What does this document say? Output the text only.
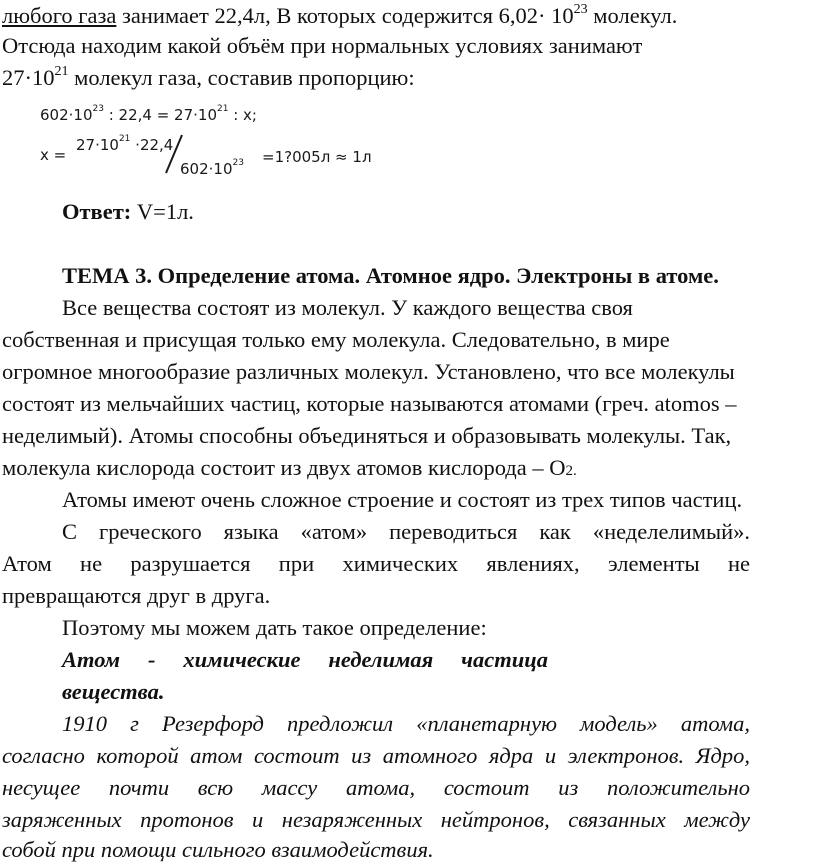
любого газа занимает 22,4л, В которых содержится $6,02\cdot 10^{23}$ молекул.
Отсюда находим какой объём при нормальных условиях занимают
$27\cdot 10^{21}$ молекул газа, составив пропорцию:
$602\cdot 10^{23}$ : $22,4 = 27\cdot 10^{21}$ : x;
x =
$27\cdot 10^{21} \cdot 22,4$
$602\cdot 10^{23}$ =1?005л ≈ 1л
Ответ: V=1л.
ТЕМА 3. Определение атома. Атомное ядро. Электроны в атоме.
Все вещества состоят из молекул. У каждого вещества своя
собственная и присущая только ему молекула. Следовательно, в мире
огромное многообразие различных молекул. Установлено, что все молекулы
состоят из мельчайших частиц, которые называются атомами (греч. atomos –
неделимый). Атомы способны объединяться и образовывать молекулы. Так,
молекула кислорода состоит из двух атомов кислорода – О2.
Атомы имеют очень сложное строение и состоят из трех типов частиц.
С греческого языка «атом» переводиться как «неделелимый».
Атом не разрушается при химических явлениях, элементы не
превращаются друг в друга.
Поэтому мы можем дать такое определение:
Атом - химические неделимая частица
вещества.
1910 г Резерфорд предложил «планетарную модель» атома,
согласно которой атом состоит из атомного ядра и электронов. Ядро,
несущее почти всю массу атома, состоит из положительно
заряженных протонов и незаряженных нейтронов, связанных между
собой при помощи сильного взаимодействия.
